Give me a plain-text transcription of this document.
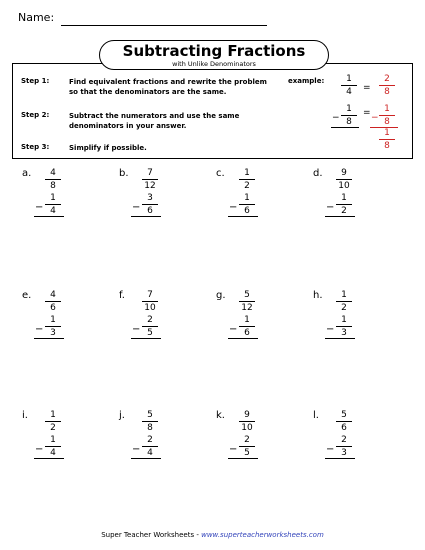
Name:
Subtracting Fractions
with Unlike Denominators
Step 1:	Find equivalent fractions and rewrite the problem
so that the denominators are the same.
Step 2:	Subtract the numerators and use the same
denominators in your answer.
Step 3:	Simplify if possible.
example:	1
4	=
2
8
−
1
8
= −
1
8
1
8
a.	4
8
1
4
−
b.	7
12
3
6
−
c.	1
2
1
6
−
d.	9
10
1
2
−
e.	4
6
1
3
−
f.	7
10
2
5
−
g.	5
12
1
6
−
h.	1
2
1
3
−
i.	1
2
1
4
−
j.	5
8
2
4
−
k.	9
10
2
5
−
l.	5
6
2
3
−
Super Teacher Worksheets - www.superteacherworksheets.com
